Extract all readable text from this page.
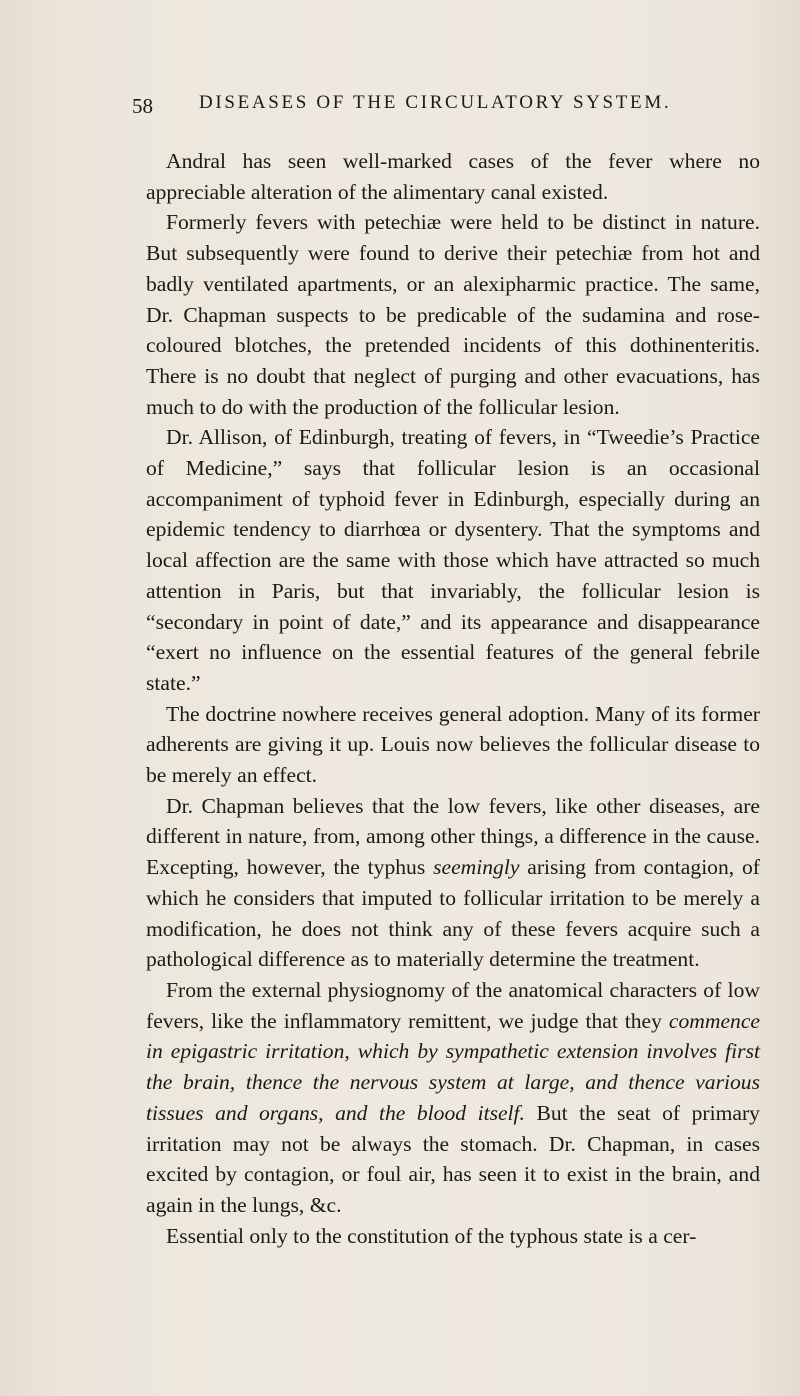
58 DISEASES OF THE CIRCULATORY SYSTEM.

Andral has seen well-marked cases of the fever where no appreciable alteration of the alimentary canal existed.

Formerly fevers with petechiæ were held to be distinct in nature. But subsequently were found to derive their petechiæ from hot and badly ventilated apartments, or an alexipharmic practice. The same, Dr. Chapman suspects to be predicable of the sudamina and rose-coloured blotches, the pretended incidents of this dothinenteritis. There is no doubt that neglect of purging and other evacuations, has much to do with the production of the follicular lesion.

Dr. Allison, of Edinburgh, treating of fevers, in “Tweedie’s Practice of Medicine,” says that follicular lesion is an occasional accompaniment of typhoid fever in Edinburgh, especially during an epidemic tendency to diarrhœa or dysentery. That the symptoms and local affection are the same with those which have attracted so much attention in Paris, but that invariably, the follicular lesion is “secondary in point of date,” and its appearance and disappearance “exert no influence on the essential features of the general febrile state.”

The doctrine nowhere receives general adoption. Many of its former adherents are giving it up. Louis now believes the follicular disease to be merely an effect.

Dr. Chapman believes that the low fevers, like other diseases, are different in nature, from, among other things, a difference in the cause. Excepting, however, the typhus seemingly arising from contagion, of which he considers that imputed to follicular irritation to be merely a modification, he does not think any of these fevers acquire such a pathological difference as to materially determine the treatment.

From the external physiognomy of the anatomical characters of low fevers, like the inflammatory remittent, we judge that they commence in epigastric irritation, which by sympathetic extension involves first the brain, thence the nervous system at large, and thence various tissues and organs, and the blood itself. But the seat of primary irritation may not be always the stomach. Dr. Chapman, in cases excited by contagion, or foul air, has seen it to exist in the brain, and again in the lungs, &c.

Essential only to the constitution of the typhous state is a cer-
